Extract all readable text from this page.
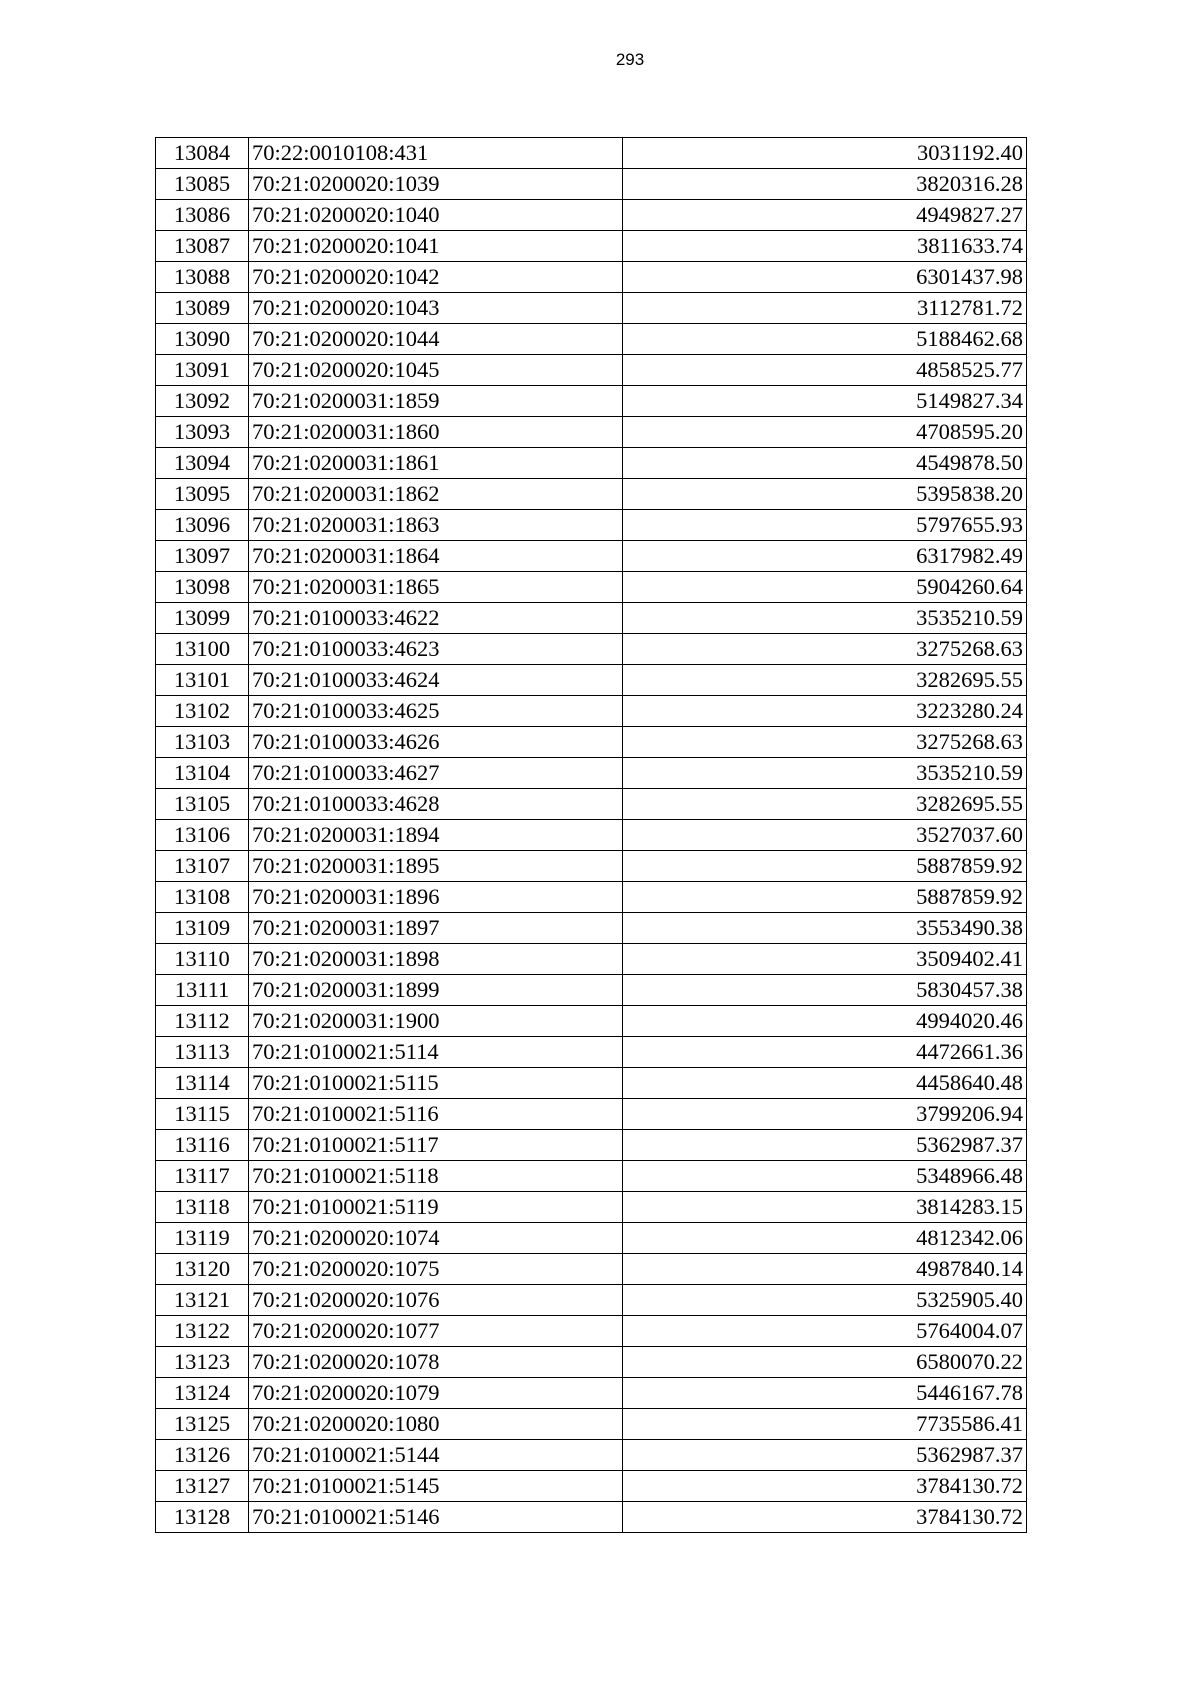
293
13084	70:22:0010108:431	3031192.40
13085	70:21:0200020:1039	3820316.28
13086	70:21:0200020:1040	4949827.27
13087	70:21:0200020:1041	3811633.74
13088	70:21:0200020:1042	6301437.98
13089	70:21:0200020:1043	3112781.72
13090	70:21:0200020:1044	5188462.68
13091	70:21:0200020:1045	4858525.77
13092	70:21:0200031:1859	5149827.34
13093	70:21:0200031:1860	4708595.20
13094	70:21:0200031:1861	4549878.50
13095	70:21:0200031:1862	5395838.20
13096	70:21:0200031:1863	5797655.93
13097	70:21:0200031:1864	6317982.49
13098	70:21:0200031:1865	5904260.64
13099	70:21:0100033:4622	3535210.59
13100	70:21:0100033:4623	3275268.63
13101	70:21:0100033:4624	3282695.55
13102	70:21:0100033:4625	3223280.24
13103	70:21:0100033:4626	3275268.63
13104	70:21:0100033:4627	3535210.59
13105	70:21:0100033:4628	3282695.55
13106	70:21:0200031:1894	3527037.60
13107	70:21:0200031:1895	5887859.92
13108	70:21:0200031:1896	5887859.92
13109	70:21:0200031:1897	3553490.38
13110	70:21:0200031:1898	3509402.41
13111	70:21:0200031:1899	5830457.38
13112	70:21:0200031:1900	4994020.46
13113	70:21:0100021:5114	4472661.36
13114	70:21:0100021:5115	4458640.48
13115	70:21:0100021:5116	3799206.94
13116	70:21:0100021:5117	5362987.37
13117	70:21:0100021:5118	5348966.48
13118	70:21:0100021:5119	3814283.15
13119	70:21:0200020:1074	4812342.06
13120	70:21:0200020:1075	4987840.14
13121	70:21:0200020:1076	5325905.40
13122	70:21:0200020:1077	5764004.07
13123	70:21:0200020:1078	6580070.22
13124	70:21:0200020:1079	5446167.78
13125	70:21:0200020:1080	7735586.41
13126	70:21:0100021:5144	5362987.37
13127	70:21:0100021:5145	3784130.72
13128	70:21:0100021:5146	3784130.72
